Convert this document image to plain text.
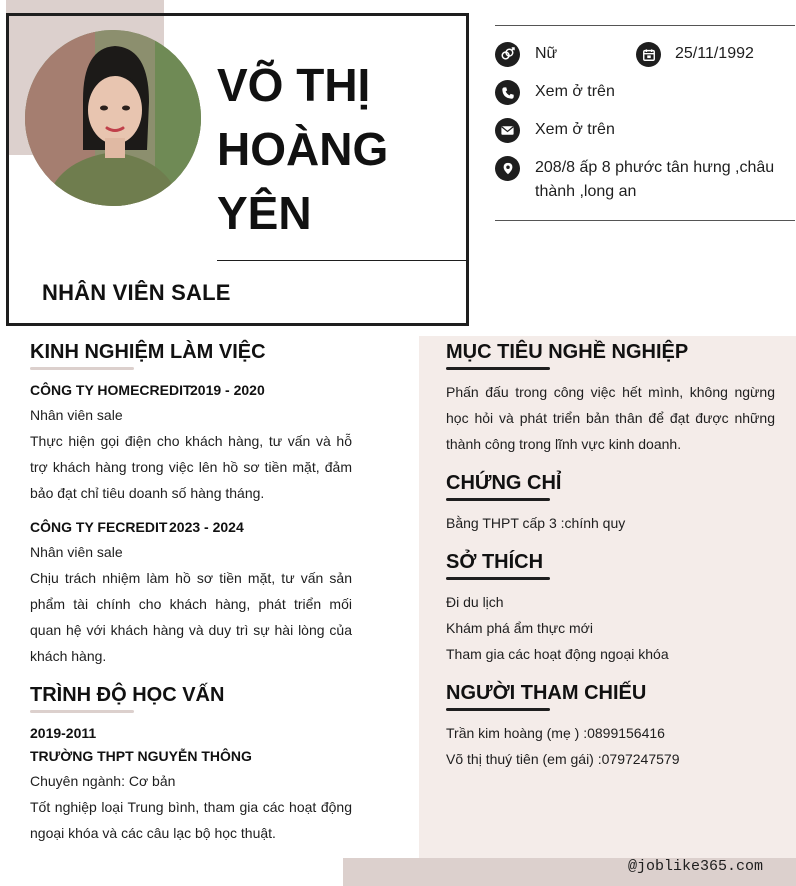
VÕ THỊ HOÀNG YÊN
NHÂN VIÊN SALE
Nữ	25/11/1992
Xem ở trên
Xem ở trên
208/8 ấp 8 phước tân hưng ,châu thành ,long an
@joblike365.com
KINH NGHIỆM LÀM VIỆC
CÔNG TY HOMECREDIT
2019 - 2020
Nhân viên sale
Thực hiện gọi điện cho khách hàng, tư vấn và hỗ trợ khách hàng trong việc lên hồ sơ tiền mặt, đảm bảo đạt chỉ tiêu doanh số hàng tháng.
CÔNG TY FECREDIT 2023 - 2024
Nhân viên sale
Chịu trách nhiệm làm hồ sơ tiền mặt, tư vấn sản phẩm tài chính cho khách hàng, phát triển mối quan hệ với khách hàng và duy trì sự hài lòng của khách hàng.
TRÌNH ĐỘ HỌC VẤN
2019-2011
TRƯỜNG THPT NGUYỄN THÔNG
Chuyên ngành: Cơ bản
Tốt nghiệp loại Trung bình, tham gia các hoạt động ngoại khóa và các câu lạc bộ học thuật.
MỤC TIÊU NGHỀ NGHIỆP
Phấn đấu trong công việc hết mình, không ngừng học hỏi và phát triển bản thân để đạt được những thành công trong lĩnh vực kinh doanh.
CHỨNG CHỈ
Bằng THPT cấp 3 :chính quy
SỞ THÍCH
Đi du lịch
Khám phá ẩm thực mới
Tham gia các hoạt động ngoại khóa
NGƯỜI THAM CHIẾU
Trần kim hoàng (mẹ ) :0899156416
Võ thị thuý tiên (em gái) :0797247579
